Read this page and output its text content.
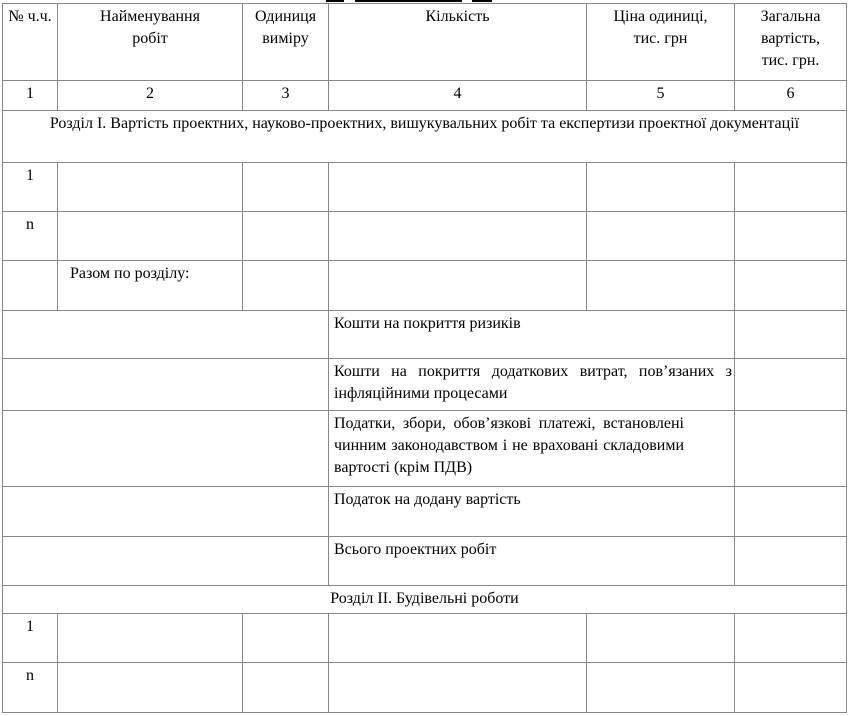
№ ч.ч.	Найменування робіт	Одиниця виміру	Кількість	Ціна одиниці, тис. грн	Загальна вартість, тис. грн.
1	2	3	4	5	6
Розділ I. Вартість проектних, науково-проектних, вишукувальних робіт та експертизи проектної документації					
1					
n					
	Разом по розділу:				
			Кошти на покриття ризиків		
			Кошти на покриття додаткових витрат, пов’язаних з інфляційними процесами		
			Податки, збори, обов’язкові платежі, встановлені чинним законодавством і не враховані складовими вартості (крім ПДВ)		
			Податок на додану вартість		
			Всього проектних робіт		
Розділ II. Будівельні роботи					
1					
n					
